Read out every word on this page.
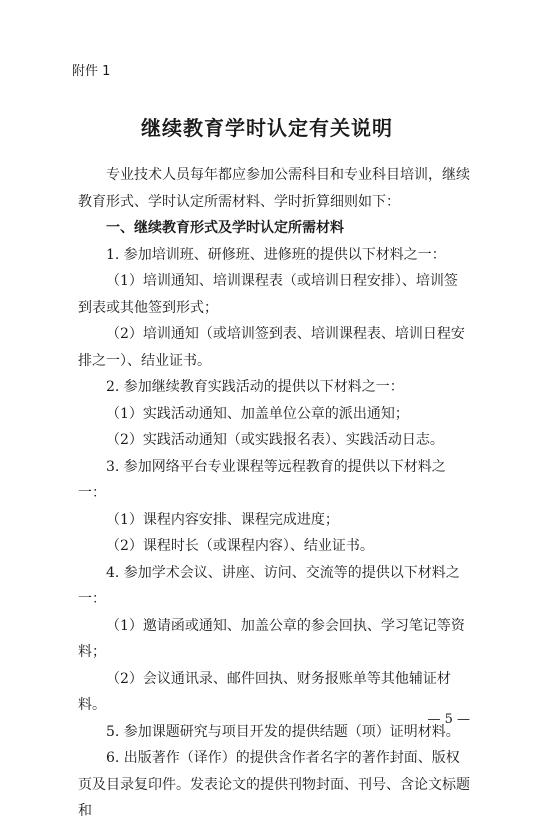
附件 1
继续教育学时认定有关说明

专业技术人员每年都应参加公需科目和专业科目培训，继续教育形式、学时认定所需材料、学时折算细则如下：

一、继续教育形式及学时认定所需材料

1. 参加培训班、研修班、进修班的提供以下材料之一：

（1）培训通知、培训课程表（或培训日程安排）、培训签到表或其他签到形式；

（2）培训通知（或培训签到表、培训课程表、培训日程安排之一）、结业证书。

2. 参加继续教育实践活动的提供以下材料之一：

（1）实践活动通知、加盖单位公章的派出通知；

（2）实践活动通知（或实践报名表）、实践活动日志。

3. 参加网络平台专业课程等远程教育的提供以下材料之一：

（1）课程内容安排、课程完成进度；

（2）课程时长（或课程内容）、结业证书。

4. 参加学术会议、讲座、访问、交流等的提供以下材料之一：

（1）邀请函或通知、加盖公章的参会回执、学习笔记等资料；

（2）会议通讯录、邮件回执、财务报账单等其他辅证材料。

5. 参加课题研究与项目开发的提供结题（项）证明材料。

6. 出版著作（译作）的提供含作者名字的著作封面、版权页及目录复印件。发表论文的提供刊物封面、刊号、含论文标题和

— 5 —
